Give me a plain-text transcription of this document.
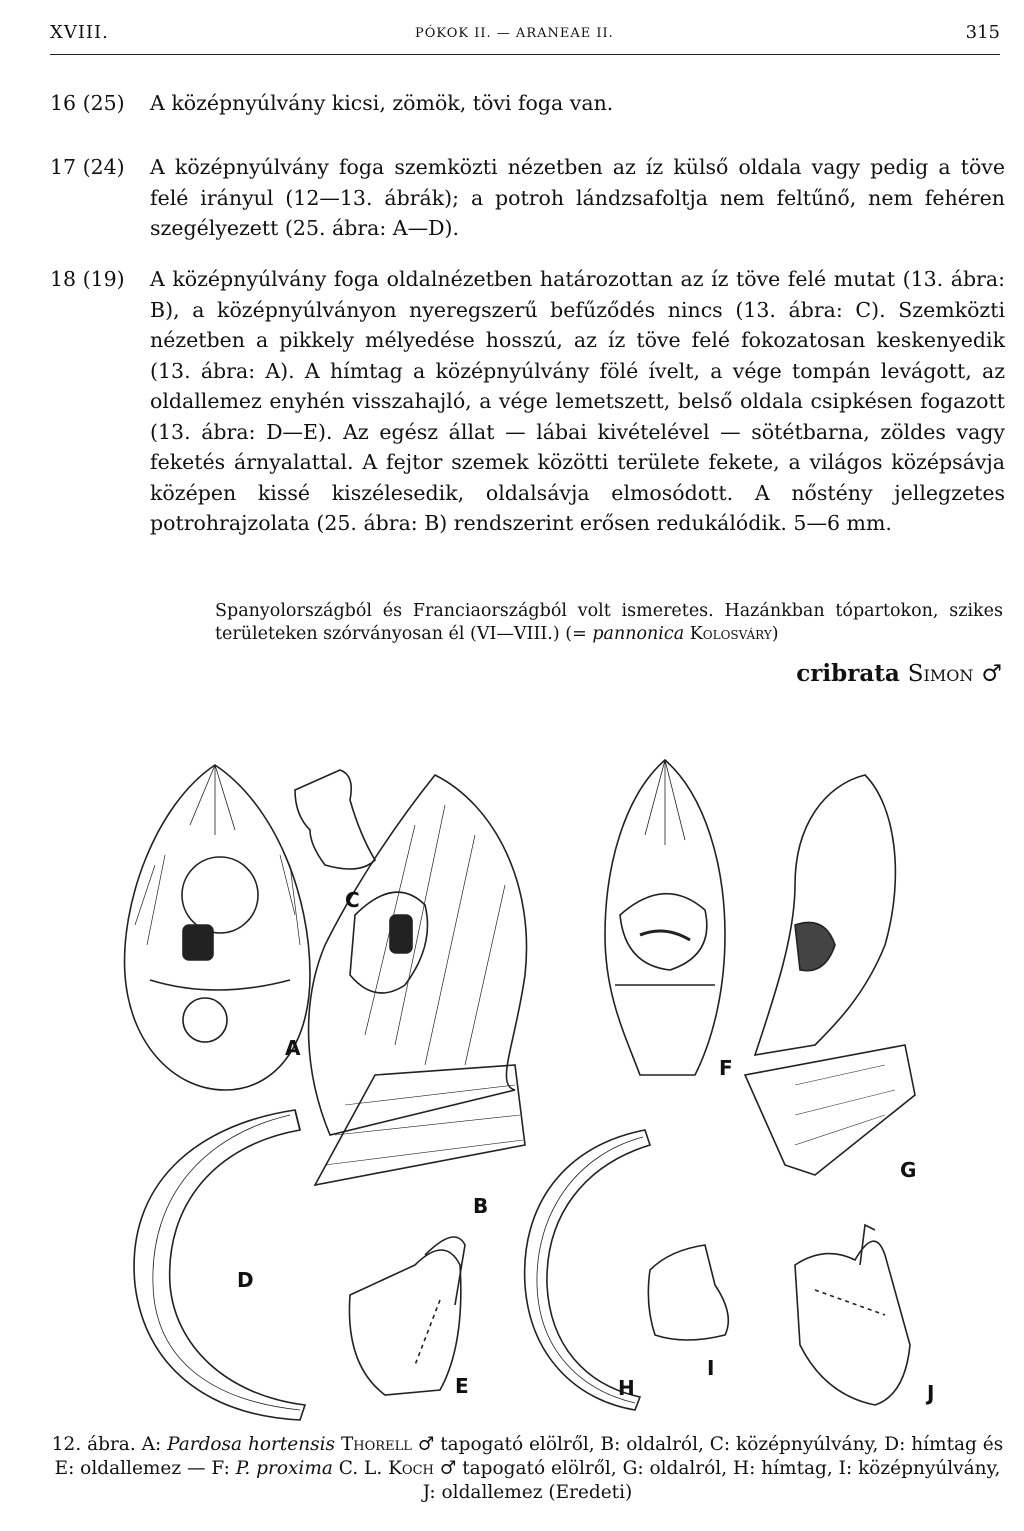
XVIII.	PÓKOK II. — ARANEAE II.	315
16 (25) A középnyúlvány kicsi, zömök, tövi foga van.
17 (24) A középnyúlvány foga szemközti nézetben az íz külső oldala vagy pedig a töve felé irányul (12—13. ábrák); a potroh lándzsafoltja nem feltűnő, nem fehéren szegélyezett (25. ábra: A—D).
18 (19) A középnyúlvány foga oldalnézetben határozottan az íz töve felé mutat (13. ábra: B), a középnyúlványon nyeregszerű befűződés nincs (13. ábra: C). Szemközti nézetben a pikkely mélyedése hosszú, az íz töve felé fokozatosan keskenyedik (13. ábra: A). A hímtag a középnyúlvány fölé ívelt, a vége tompán levágott, az oldallemez enyhén visszahajló, a vége lemetszett, belső oldala csipkésen fogazott (13. ábra: D—E). Az egész állat — lábai kivételével — sötétbarna, zöldes vagy feketés árnyalattal. A fejtor szemek közötti területe fekete, a világos középsávja középen kissé kiszélesedik, oldalsávja elmosódott. A nőstény jellegzetes potrohrajzolata (25. ábra: B) rendszerint erősen redukálódik. 5—6 mm.
Spanyolországból és Franciaországból volt ismeretes. Hazánkban tópartokon, szikes területeken szórványosan él (VI—VIII.) (= pannonica Kolosváry)
cribrata Simon ♂
A
B
C
D
E
F
G
H
I
J
12. ábra. A: Pardosa hortensis Thorell ♂ tapogató elölről, B: oldalról, C: középnyúlvány, D: hímtag és E: oldallemez — F: P. proxima C. L. Koch ♂ tapogató elölről, G: oldalról, H: hímtag, I: középnyúlvány, J: oldallemez (Eredeti)
